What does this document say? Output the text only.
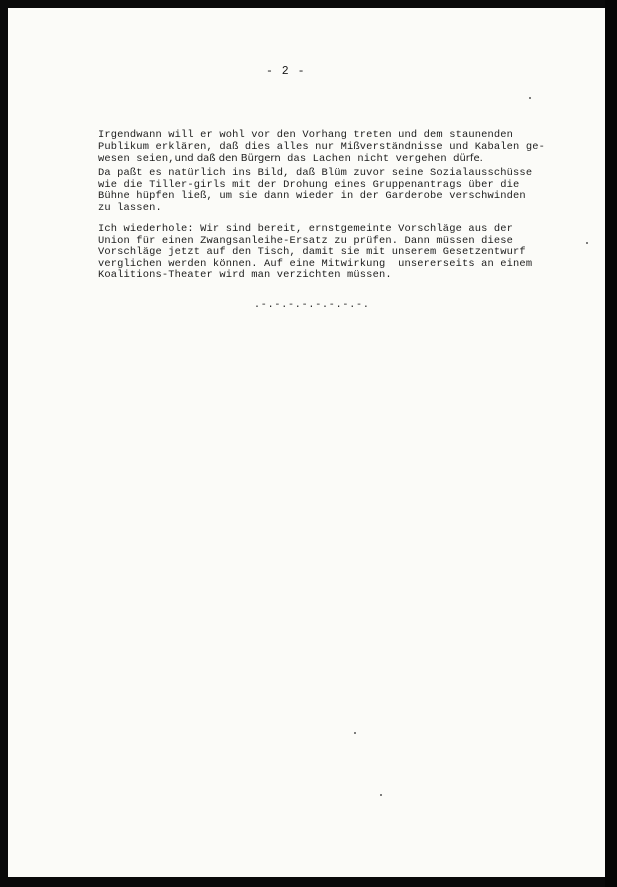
- 2 -
Irgendwann will er wohl vor den Vorhang treten und dem staunenden
Publikum erklären, daß dies alles nur Mißverständnisse und Kabalen ge-
wesen seien,und daß den Bürgern das Lachen nicht vergehen dürfe.
Da paßt es natürlich ins Bild, daß Blüm zuvor seine Sozialausschüsse
wie die Tiller-girls mit der Drohung eines Gruppenantrags über die
Bühne hüpfen ließ, um sie dann wieder in der Garderobe verschwinden
zu lassen.
Ich wiederhole: Wir sind bereit, ernstgemeinte Vorschläge aus der
Union für einen Zwangsanleihe-Ersatz zu prüfen. Dann müssen diese
Vorschläge jetzt auf den Tisch, damit sie mit unserem Gesetzentwurf
verglichen werden können. Auf eine Mitwirkung  unsererseits an einem
Koalitions-Theater wird man verzichten müssen.
.-.-.-.-.-.-.-.-.
